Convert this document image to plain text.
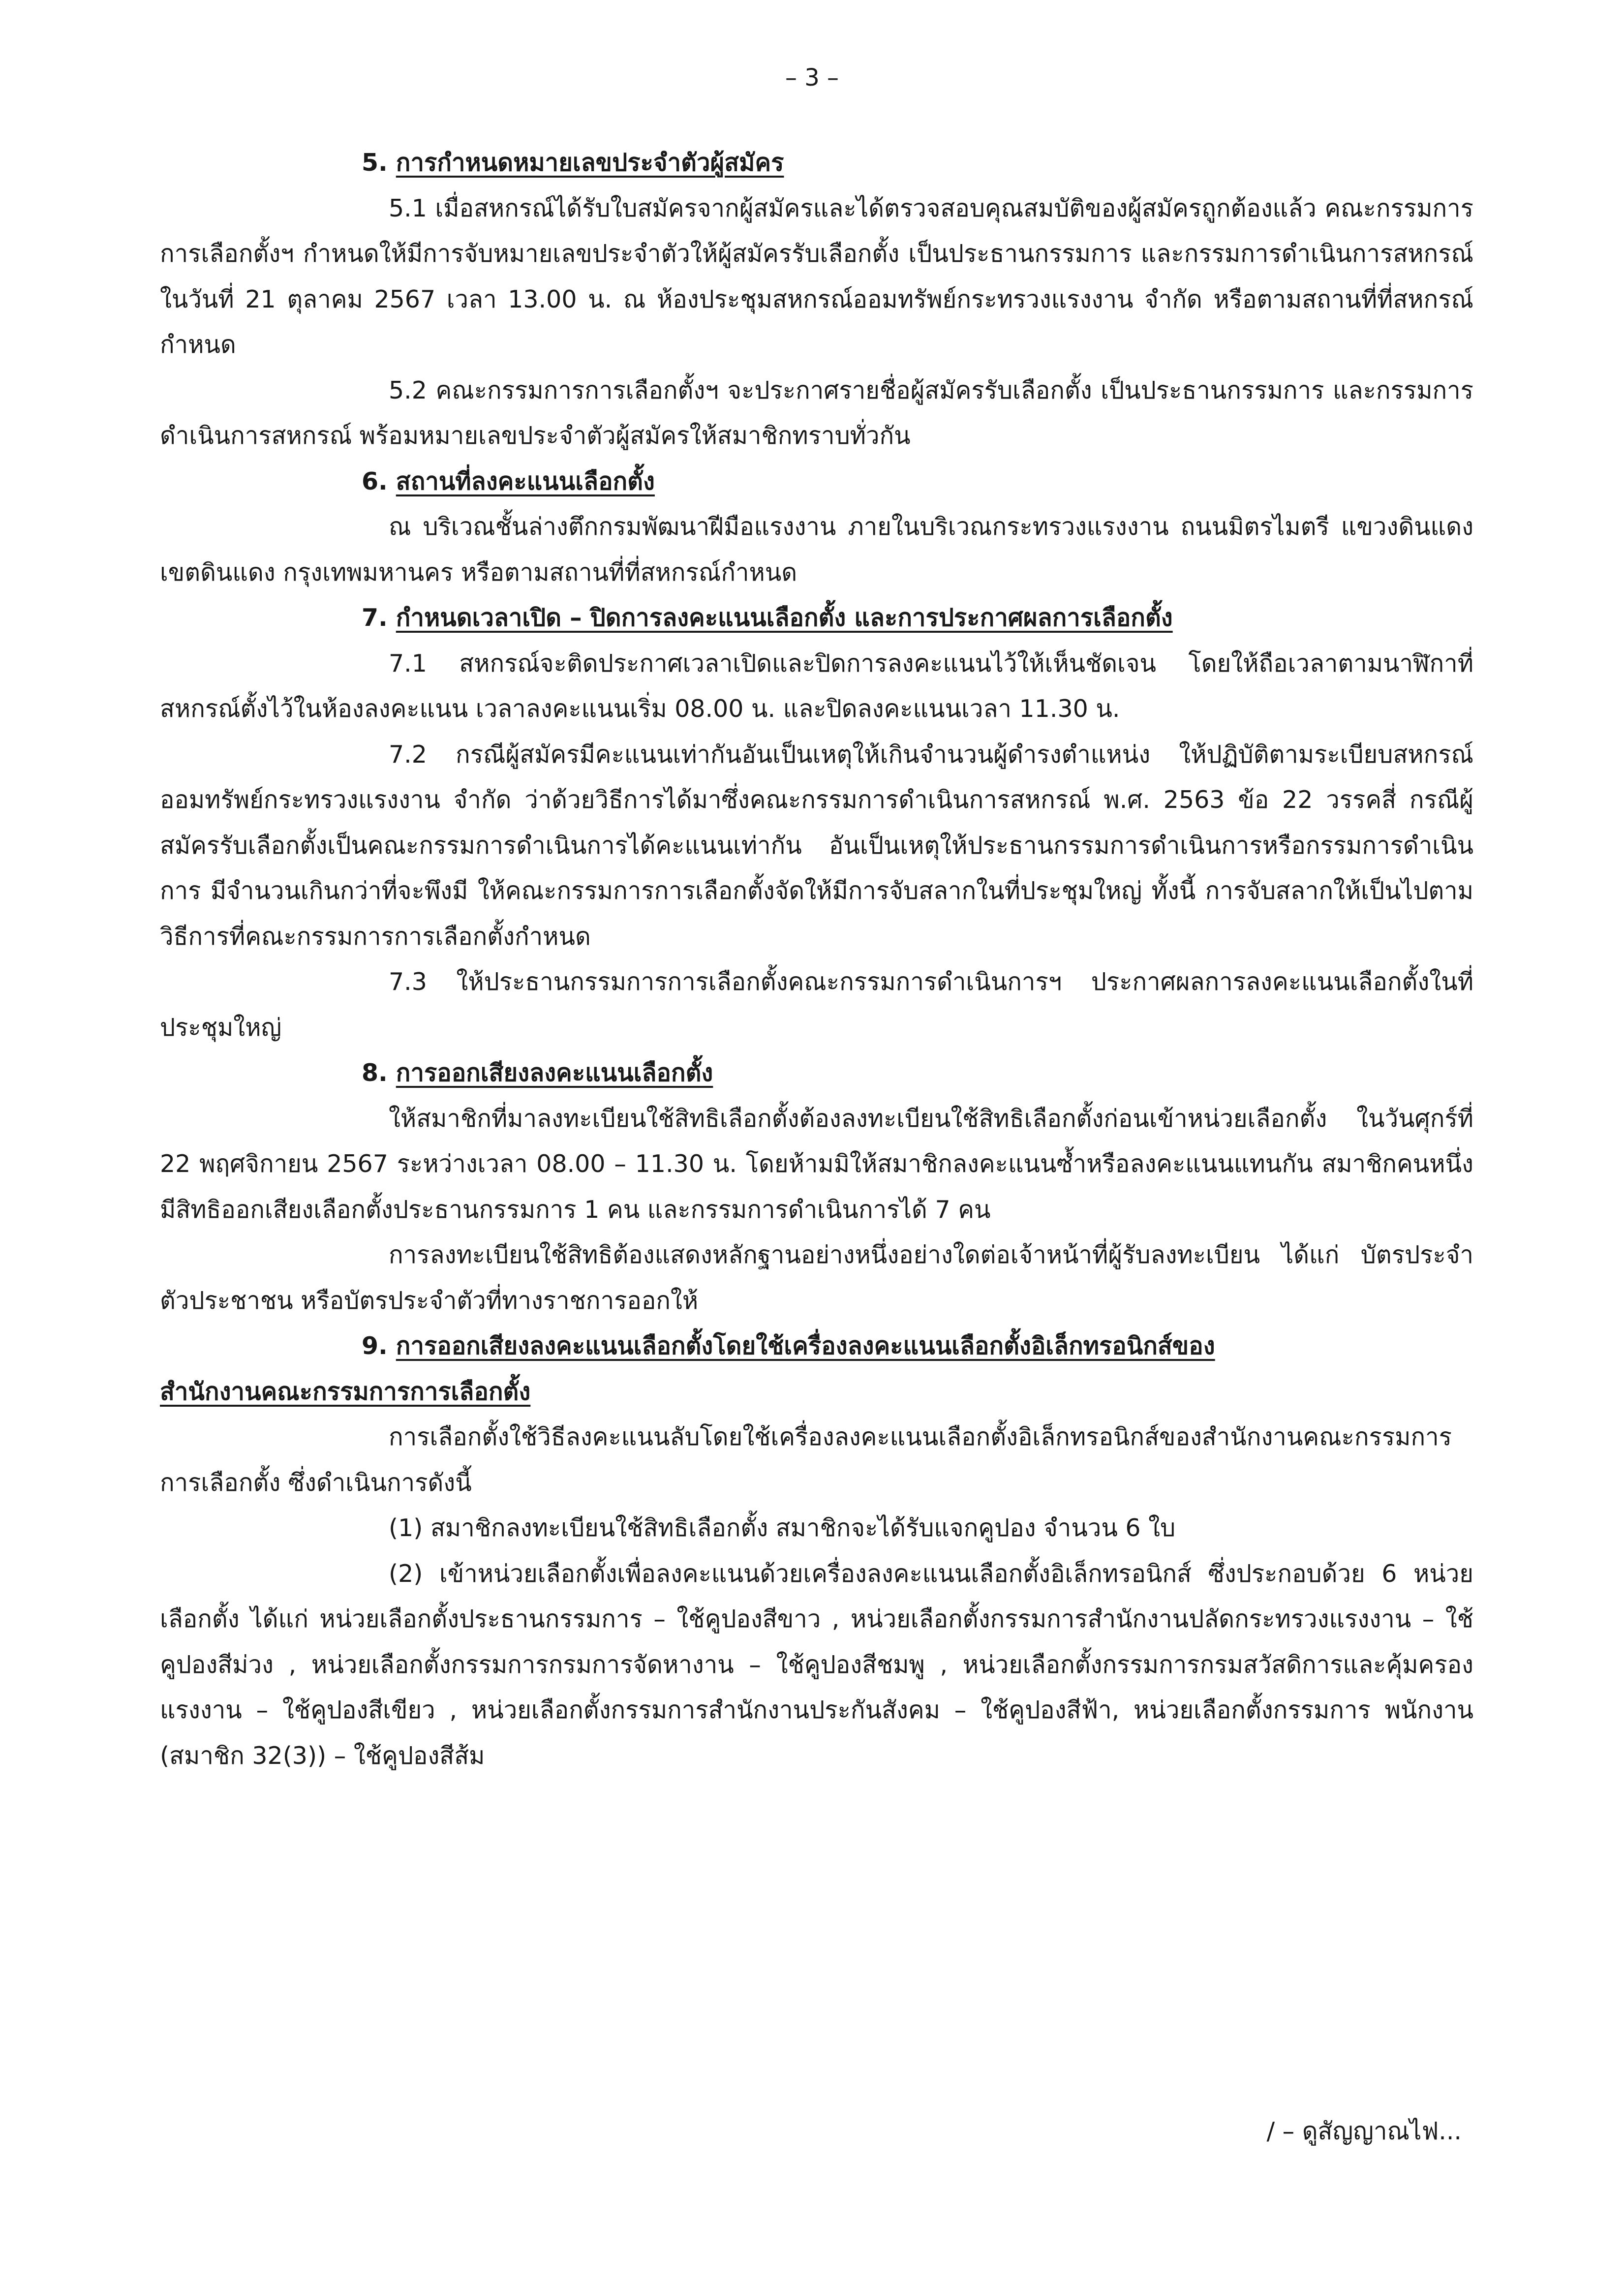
– 3 –

5. การกำหนดหมายเลขประจำตัวผู้สมัคร

5.1 เมื่อสหกรณ์ได้รับใบสมัครจากผู้สมัครและได้ตรวจสอบคุณสมบัติของผู้สมัครถูกต้องแล้ว คณะกรรมการการเลือกตั้งฯ กำหนดให้มีการจับหมายเลขประจำตัวให้ผู้สมัครรับเลือกตั้ง เป็นประธานกรรมการ และกรรมการดำเนินการสหกรณ์ ในวันที่ 21 ตุลาคม 2567 เวลา 13.00 น. ณ ห้องประชุมสหกรณ์ออมทรัพย์กระทรวงแรงงาน จำกัด หรือตามสถานที่ที่สหกรณ์กำหนด

5.2 คณะกรรมการการเลือกตั้งฯ จะประกาศรายชื่อผู้สมัครรับเลือกตั้ง เป็นประธานกรรมการ และกรรมการดำเนินการสหกรณ์ พร้อมหมายเลขประจำตัวผู้สมัครให้สมาชิกทราบทั่วกัน

6. สถานที่ลงคะแนนเลือกตั้ง

ณ บริเวณชั้นล่างตึกกรมพัฒนาฝีมือแรงงาน ภายในบริเวณกระทรวงแรงงาน ถนนมิตรไมตรี แขวงดินแดง เขตดินแดง กรุงเทพมหานคร หรือตามสถานที่ที่สหกรณ์กำหนด

7. กำหนดเวลาเปิด – ปิดการลงคะแนนเลือกตั้ง และการประกาศผลการเลือกตั้ง

7.1 สหกรณ์จะติดประกาศเวลาเปิดและปิดการลงคะแนนไว้ให้เห็นชัดเจน โดยให้ถือเวลาตามนาฬิกาที่สหกรณ์ตั้งไว้ในห้องลงคะแนน เวลาลงคะแนนเริ่ม 08.00 น. และปิดลงคะแนนเวลา 11.30 น.

7.2 กรณีผู้สมัครมีคะแนนเท่ากันอันเป็นเหตุให้เกินจำนวนผู้ดำรงตำแหน่ง ให้ปฏิบัติตามระเบียบสหกรณ์ออมทรัพย์กระทรวงแรงงาน จำกัด ว่าด้วยวิธีการได้มาซึ่งคณะกรรมการดำเนินการสหกรณ์ พ.ศ. 2563 ข้อ 22 วรรคสี่ กรณีผู้สมัครรับเลือกตั้งเป็นคณะกรรมการดำเนินการได้คะแนนเท่ากัน อันเป็นเหตุให้ประธานกรรมการดำเนินการหรือกรรมการดำเนินการ มีจำนวนเกินกว่าที่จะพึงมี ให้คณะกรรมการการเลือกตั้งจัดให้มีการจับสลากในที่ประชุมใหญ่ ทั้งนี้ การจับสลากให้เป็นไปตามวิธีการที่คณะกรรมการการเลือกตั้งกำหนด

7.3 ให้ประธานกรรมการการเลือกตั้งคณะกรรมการดำเนินการฯ ประกาศผลการลงคะแนนเลือกตั้งในที่ประชุมใหญ่

8. การออกเสียงลงคะแนนเลือกตั้ง

ให้สมาชิกที่มาลงทะเบียนใช้สิทธิเลือกตั้งต้องลงทะเบียนใช้สิทธิเลือกตั้งก่อนเข้าหน่วยเลือกตั้ง ในวันศุกร์ที่ 22 พฤศจิกายน 2567 ระหว่างเวลา 08.00 – 11.30 น. โดยห้ามมิให้สมาชิกลงคะแนนซ้ำหรือลงคะแนนแทนกัน สมาชิกคนหนึ่งมีสิทธิออกเสียงเลือกตั้งประธานกรรมการ 1 คน และกรรมการดำเนินการได้ 7 คน

การลงทะเบียนใช้สิทธิต้องแสดงหลักฐานอย่างหนึ่งอย่างใดต่อเจ้าหน้าที่ผู้รับลงทะเบียน ได้แก่ บัตรประจำตัวประชาชน หรือบัตรประจำตัวที่ทางราชการออกให้

9. การออกเสียงลงคะแนนเลือกตั้งโดยใช้เครื่องลงคะแนนเลือกตั้งอิเล็กทรอนิกส์ของ

สำนักงานคณะกรรมการการเลือกตั้ง

การเลือกตั้งใช้วิธีลงคะแนนลับโดยใช้เครื่องลงคะแนนเลือกตั้งอิเล็กทรอนิกส์ของสำนักงานคณะกรรมการการเลือกตั้ง ซึ่งดำเนินการดังนี้

(1) สมาชิกลงทะเบียนใช้สิทธิเลือกตั้ง สมาชิกจะได้รับแจกคูปอง จำนวน 6 ใบ

(2) เข้าหน่วยเลือกตั้งเพื่อลงคะแนนด้วยเครื่องลงคะแนนเลือกตั้งอิเล็กทรอนิกส์ ซึ่งประกอบด้วย 6 หน่วยเลือกตั้ง ได้แก่ หน่วยเลือกตั้งประธานกรรมการ – ใช้คูปองสีขาว , หน่วยเลือกตั้งกรรมการสำนักงานปลัดกระทรวงแรงงาน – ใช้คูปองสีม่วง , หน่วยเลือกตั้งกรรมการกรมการจัดหางาน – ใช้คูปองสีชมพู , หน่วยเลือกตั้งกรรมการกรมสวัสดิการและคุ้มครองแรงงาน – ใช้คูปองสีเขียว , หน่วยเลือกตั้งกรรมการสำนักงานประกันสังคม – ใช้คูปองสีฟ้า, หน่วยเลือกตั้งกรรมการ พนักงาน (สมาชิก 32(3)) – ใช้คูปองสีส้ม

/ – ดูสัญญาณไฟ...
